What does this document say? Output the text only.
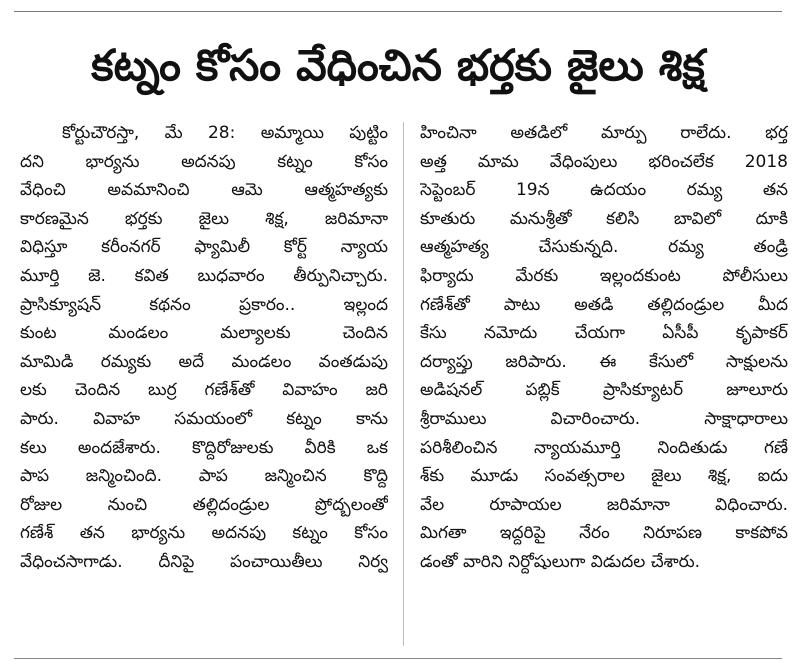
కట్నం కోసం వేధించిన భర్తకు జైలు శిక్ష
కోర్టుచౌరస్తా, మే 28: అమ్మాయి పుట్టిం
దని భార్యను అదనపు కట్నం కోసం
వేధించి అవమానించి ఆమె ఆత్మహత్యకు
కారణమైన భర్తకు జైలు శిక్ష, జరిమానా
విధిస్తూ కరీంనగర్ ఫ్యామిలీ కోర్ట్ న్యాయ
మూర్తి జె. కవిత బుధవారం తీర్పునిచ్చారు.
ప్రాసిక్యూషన్ కథనం ప్రకారం.. ఇల్లంద
కుంట మండలం మల్యాలకు చెందిన
మామిడి రమ్యకు అదే మండలం వంతడుపు
లకు చెందిన బుర్ర గణేశ్‌తో వివాహం జరి
పారు. వివాహ సమయంలో కట్నం కాను
కలు అందజేశారు. కొద్దిరోజులకు వీరికి ఒక
పాప జన్మించింది. పాప జన్మించిన కొద్ది
రోజుల నుంచి తల్లిదండ్రుల ప్రోద్బలంతో
గణేశ్ తన భార్యను అదనపు కట్నం కోసం
వేధించసాగాడు. దీనిపై పంచాయితీలు నిర్వ
హించినా అతడిలో మార్పు రాలేదు. భర్త
అత్త మామ వేధింపులు భరించలేక 2018
సెప్టెంబర్ 19న ఉదయం రమ్య తన
కూతురు మనుశ్రీతో కలిసి బావిలో దూకి
ఆత్మహత్య చేసుకున్నది. రమ్య తండ్రి
ఫిర్యాదు మేరకు ఇల్లందకుంట పోలీసులు
గణేశ్‌తో పాటు అతడి తల్లిదండ్రుల మీద
కేసు నమోదు చేయగా ఏసీపీ కృపాకర్
దర్యాప్తు జరిపారు. ఈ కేసులో సాక్షులను
అడిషనల్ పబ్లిక్ ప్రాసిక్యూటర్ జూలూరు
శ్రీరాములు విచారించారు. సాక్షాధారాలు
పరిశీలించిన న్యాయమూర్తి నిందితుడు గణే
శ్‌కు మూడు సంవత్సరాల జైలు శిక్ష, ఐదు
వేల రూపాయల జరిమానా విధించారు.
మిగతా ఇద్దరిపై నేరం నిరూపణ కాకపోవ
డంతో వారిని నిర్దోషులుగా విడుదల చేశారు.
